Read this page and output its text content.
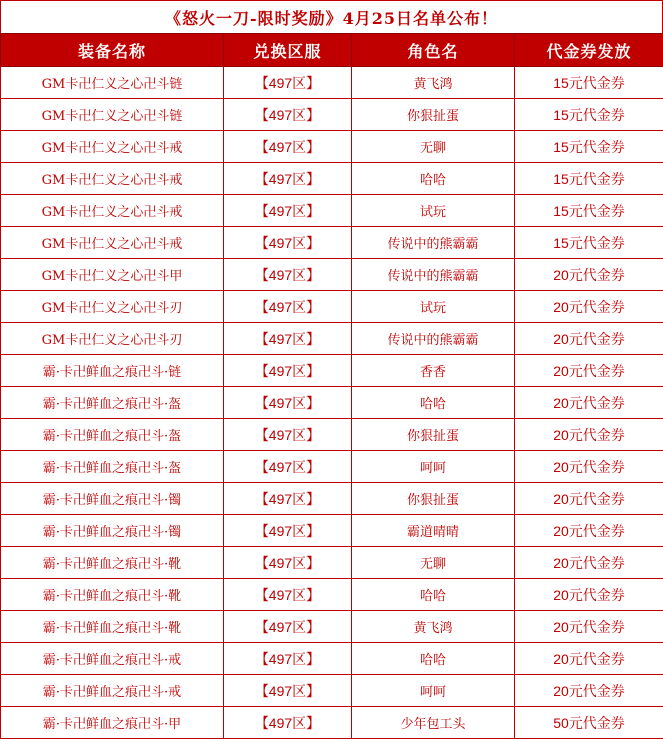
《怒火一刀-限时奖励》4月25日名单公布！
装备名称	兑换区服	角色名	代金券发放
GM卡卍仁义之心卍斗链	【497区】	黄飞鸿	15元代金券
GM卡卍仁义之心卍斗链	【497区】	你狠扯蛋	15元代金券
GM卡卍仁义之心卍斗戒	【497区】	无聊	15元代金券
GM卡卍仁义之心卍斗戒	【497区】	哈哈	15元代金券
GM卡卍仁义之心卍斗戒	【497区】	试玩	15元代金券
GM卡卍仁义之心卍斗戒	【497区】	传说中的熊霸霸	15元代金券
GM卡卍仁义之心卍斗甲	【497区】	传说中的熊霸霸	20元代金券
GM卡卍仁义之心卍斗刃	【497区】	试玩	20元代金券
GM卡卍仁义之心卍斗刃	【497区】	传说中的熊霸霸	20元代金券
霸·卡卍鲜血之痕卍斗·链	【497区】	香香	20元代金券
霸·卡卍鲜血之痕卍斗·盔	【497区】	哈哈	20元代金券
霸·卡卍鲜血之痕卍斗·盔	【497区】	你狠扯蛋	20元代金券
霸·卡卍鲜血之痕卍斗·盔	【497区】	呵呵	20元代金券
霸·卡卍鲜血之痕卍斗·镯	【497区】	你狠扯蛋	20元代金券
霸·卡卍鲜血之痕卍斗·镯	【497区】	霸道晴晴	20元代金券
霸·卡卍鲜血之痕卍斗·靴	【497区】	无聊	20元代金券
霸·卡卍鲜血之痕卍斗·靴	【497区】	哈哈	20元代金券
霸·卡卍鲜血之痕卍斗·靴	【497区】	黄飞鸿	20元代金券
霸·卡卍鲜血之痕卍斗·戒	【497区】	哈哈	20元代金券
霸·卡卍鲜血之痕卍斗·戒	【497区】	呵呵	20元代金券
霸·卡卍鲜血之痕卍斗·甲	【497区】	少年包工头	50元代金券
